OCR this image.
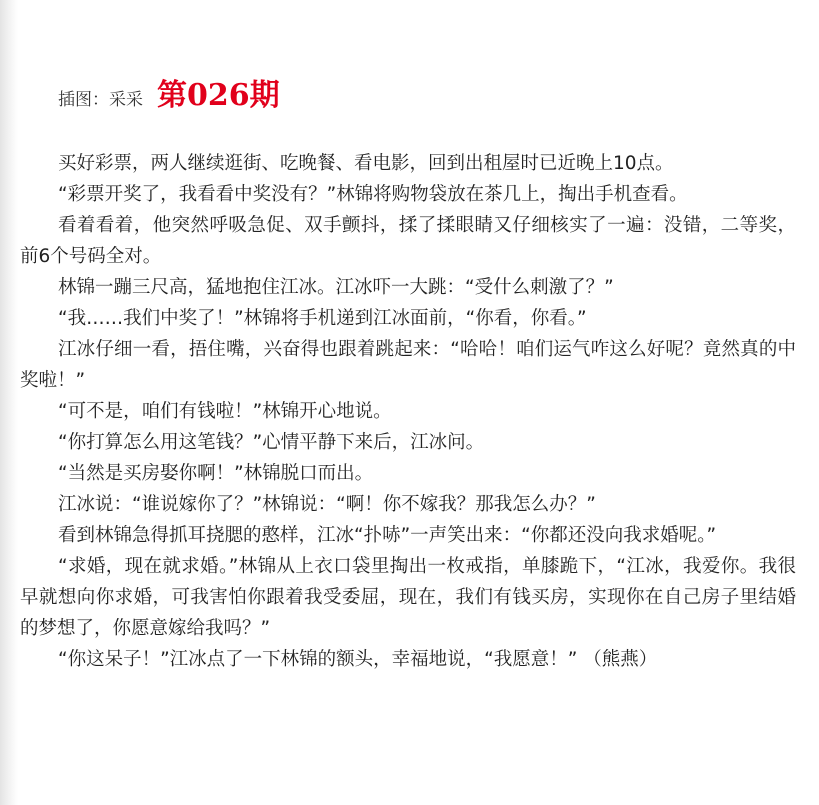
插图：采采 第026期

买好彩票，两人继续逛街、吃晚餐、看电影，回到出租屋时已近晚上10点。

“彩票开奖了，我看看中奖没有？”林锦将购物袋放在茶几上，掏出手机查看。

看着看着，他突然呼吸急促、双手颤抖，揉了揉眼睛又仔细核实了一遍：没错，二等奖，前6个号码全对。

林锦一蹦三尺高，猛地抱住江冰。江冰吓一大跳：“受什么刺激了？”

“我……我们中奖了！”林锦将手机递到江冰面前，“你看，你看。”

江冰仔细一看，捂住嘴，兴奋得也跟着跳起来：“哈哈！咱们运气咋这么好呢？竟然真的中奖啦！”

“可不是，咱们有钱啦！”林锦开心地说。

“你打算怎么用这笔钱？”心情平静下来后，江冰问。

“当然是买房娶你啊！”林锦脱口而出。

江冰说：“谁说嫁你了？”林锦说：“啊！你不嫁我？那我怎么办？”

看到林锦急得抓耳挠腮的憨样，江冰“扑哧”一声笑出来：“你都还没向我求婚呢。”

“求婚，现在就求婚。”林锦从上衣口袋里掏出一枚戒指，单膝跪下，“江冰，我爱你。我很早就想向你求婚，可我害怕你跟着我受委屈，现在，我们有钱买房，实现你在自己房子里结婚的梦想了，你愿意嫁给我吗？”

“你这呆子！”江冰点了一下林锦的额头，幸福地说，“我愿意！” （熊燕）
